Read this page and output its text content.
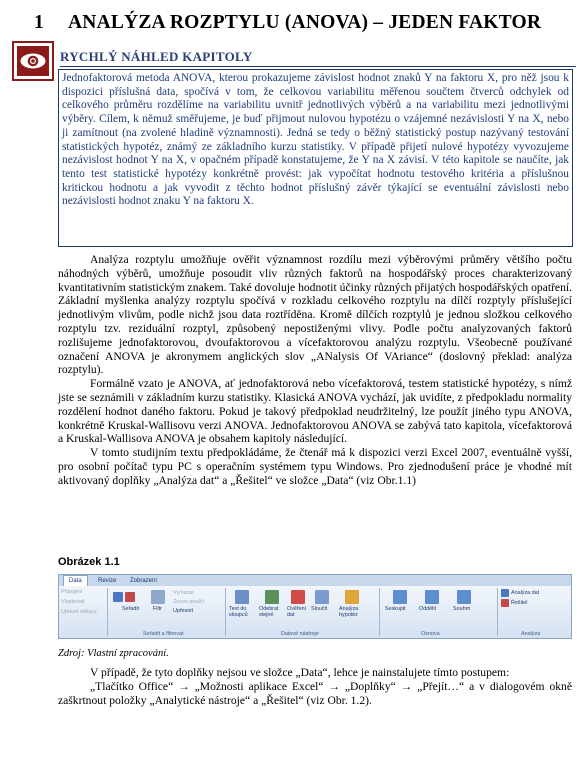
1 ANALÝZA ROZPTYLU (ANOVA) – JEDEN FAKTOR
RYCHLÝ NÁHLED KAPITOLY
Jednofaktorová metoda ANOVA, kterou prokazujeme závislost hodnot znaků Y na faktoru X, pro něž jsou k dispozici příslušná data, spočívá v tom, že celkovou variabilitu měřenou součtem čtverců odchylek od celkového průměru rozdělíme na variabilitu uvnitř jednotlivých výběrů a na variabilitu mezi jednotlivými výběry. Cílem, k němuž směřujeme, je buď přijmout nulovou hypotézu o vzájemné nezávislosti Y na X, nebo ji zamítnout (na zvolené hladině významnosti). Jedná se tedy o běžný statistický postup nazývaný testování statistických hypotéz, známý ze základního kurzu statistiky. V případě přijetí nulové hypotézy vyvozujeme nezávislost hodnot Y na X, v opačném případě konstatujeme, že Y na X závisí. V této kapitole se naučíte, jak tento test statistické hypotézy konkrétně provést: jak vypočítat hodnotu testového kritéria a příslušnou kritickou hodnotu a jak vyvodit z těchto hodnot příslušný závěr týkající se eventuální závislosti nebo nezávislosti hodnot znaku Y na faktoru X.

Analýza rozptylu umožňuje ověřit významnost rozdílu mezi výběrovými průměry většího počtu náhodných výběrů, umožňuje posoudit vliv různých faktorů na hospodářský proces charakterizovaný kvantitativním statistickým znakem. Také dovoluje hodnotit účinky různých přijatých hospodářských opatření. Základní myšlenka analýzy rozptylu spočívá v rozkladu celkového rozptylu na dílčí rozptyly příslušející jednotlivým vlivům, podle nichž jsou data roztříděna. Kromě dílčích rozptylů je jednou složkou celkového rozptylu tzv. reziduální rozptyl, způsobený nepostiženými vlivy. Podle počtu analyzovaných faktorů rozlišujeme jednofaktorovou, dvoufaktorovou a vícefaktorovou analýzu rozptylu. Všeobecně používané označení ANOVA je akronymem anglických slov „ANalysis Of VAriance“ (doslovný překlad: analýza rozptylu).

Formálně vzato je ANOVA, ať jednofaktorová nebo vícefaktorová, testem statistické hypotézy, s nímž jste se seznámili v základním kurzu statistiky. Klasická ANOVA vychází, jak uvidíte, z předpokladu normality rozdělení hodnot daného faktoru. Pokud je takový předpoklad neudržitelný, lze použít jiného typu ANOVA, konkrétně Kruskal-Wallisovu verzi ANOVA. Jednofaktorovou ANOVA se zabývá tato kapitola, vícefaktorová a Kruskal-Wallisova ANOVA je obsahem kapitoly následující.

V tomto studijním textu předpokládáme, že čtenář má k dispozici verzi Excel 2007, eventuálně vyšší, pro osobní počítač typu PC s operačním systémem typu Windows. Pro zjednodušení práce je vhodné mít aktivovaný doplňky „Analýza dat“ a „Řešitel“ ve složce „Data“ (viz Obr.1.1)

Obrázek 1.1
Data	Revize	Zobrazení
Připojení
Vlastnosti
Upravit odkazy	Seřadit	Filtr
Vymazat
Znovu použít
Upřesnit
Seřadit a filtrovat
Text do sloupců
Odebrat stejné
Ověření dat
Sloučit	Analýza hypotéz
Datové nástroje
Seskupit Oddělit	Souhrn
Osnova
Analýza dat
Řešitel
Analýza
Zdroj: Vlastní zpracování.

V případě, že tyto doplňky nejsou ve složce „Data“, lehce je nainstalujete tímto postupem:

„Tlačítko Office“ → „Možnosti aplikace Excel“ → „Doplňky“ → „Přejít…“ a v dialogovém okně zaškrtnout položky „Analytické nástroje“ a „Řešitel“ (viz Obr. 1.2).
